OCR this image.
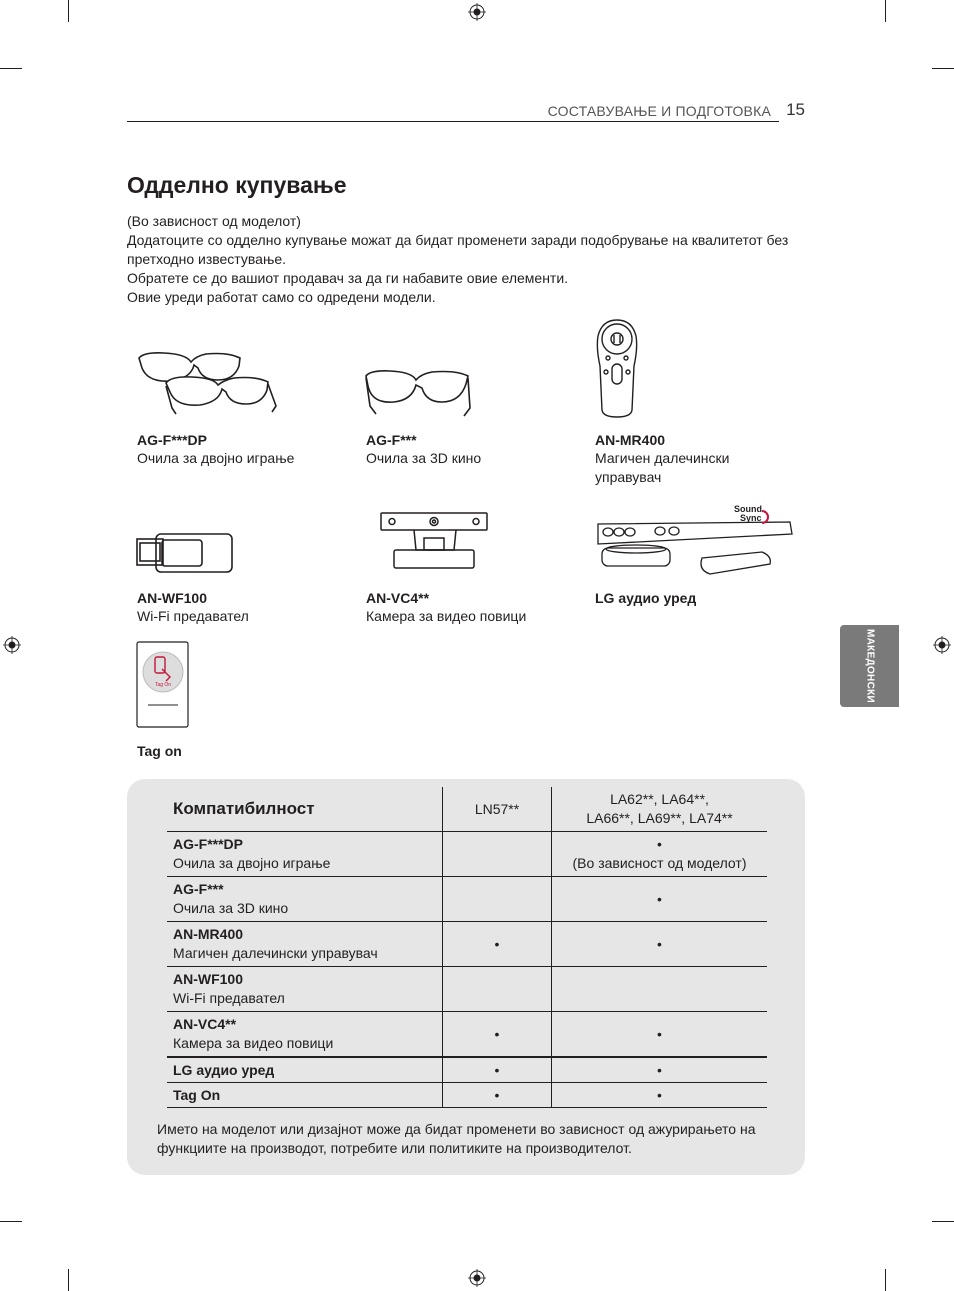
СОСТАВУВАЊЕ И ПОДГОТОВКА 15
Одделно купување
(Во зависност од моделот)
Додатоците со одделно купување можат да бидат променети заради подобрување на квалитетот без претходно известување.
Обратете се до вашиот продавач за да ги набавите овие елементи.
Овие уреди работат само со одредени модели.
Sound
Sync
Tag On
AG-F***DP
Очила за двојно играње
AG-F***
Очила за 3D кино
AN-MR400
Магичен далечински управувач
AN-WF100
Wi-Fi предавател
AN-VC4**
Камера за видео повици
LG аудио уред
Tag on
МАКЕДОНСКИ
Компатибилност	LN57**	LA62**, LA64**,
LA66**, LA69**, LA74**

AG-F***DP
Очила за двојно играње		•
(Во зависност од моделот)

AG-F***
Очила за 3D кино		•

AN-MR400
Магичен далечински управувач	•	•

AN-WF100
Wi-Fi предавател		

AN-VC4**
Камера за видео повици	•	•

LG аудио уред	•	•

Tag On	•	•
Името на моделот или дизајнот може да бидат променети во зависност од ажурирањето на функциите на производот, потребите или политиките на производителот.
